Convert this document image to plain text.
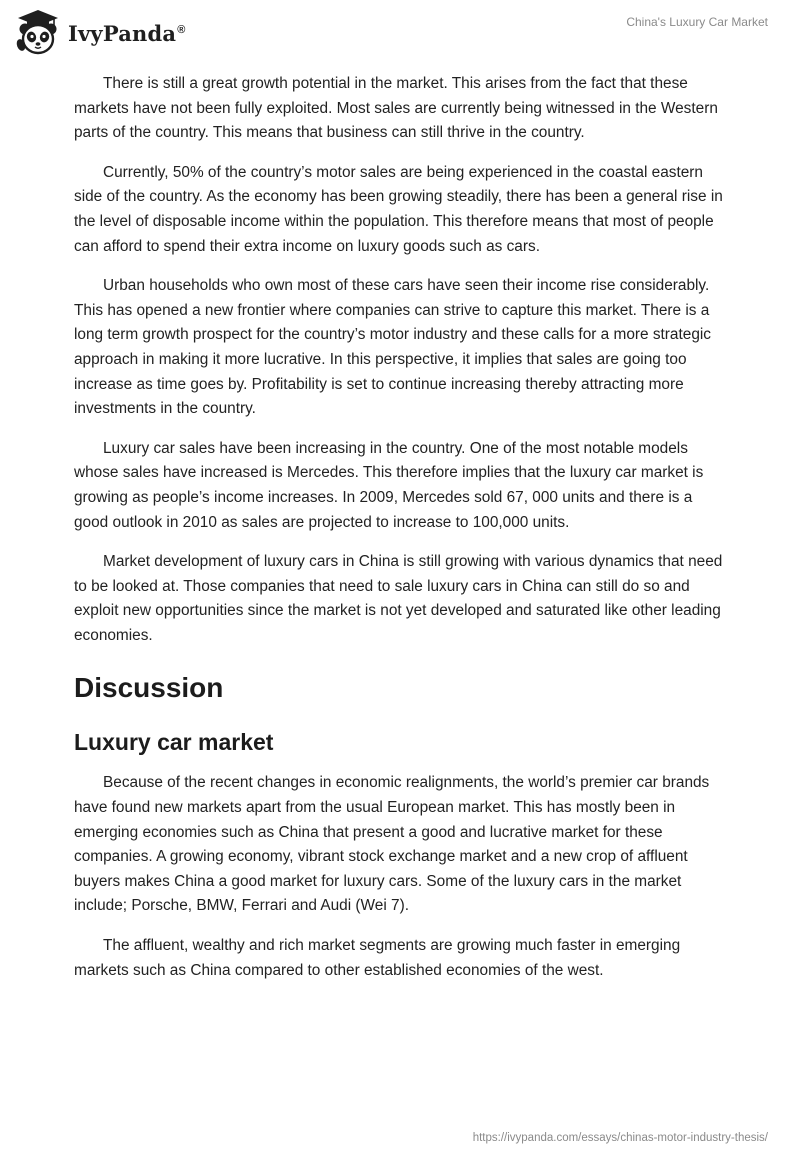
IvyPanda®
China's Luxury Car Market

There is still a great growth potential in the market. This arises from the fact that these markets have not been fully exploited. Most sales are currently being witnessed in the Western parts of the country. This means that business can still thrive in the country.

Currently, 50% of the country’s motor sales are being experienced in the coastal eastern side of the country. As the economy has been growing steadily, there has been a general rise in the level of disposable income within the population. This therefore means that most of people can afford to spend their extra income on luxury goods such as cars.

Urban households who own most of these cars have seen their income rise considerably. This has opened a new frontier where companies can strive to capture this market. There is a long term growth prospect for the country’s motor industry and these calls for a more strategic approach in making it more lucrative. In this perspective, it implies that sales are going too increase as time goes by. Profitability is set to continue increasing thereby attracting more investments in the country.

Luxury car sales have been increasing in the country. One of the most notable models whose sales have increased is Mercedes. This therefore implies that the luxury car market is growing as people’s income increases. In 2009, Mercedes sold 67, 000 units and there is a good outlook in 2010 as sales are projected to increase to 100,000 units.

Market development of luxury cars in China is still growing with various dynamics that need to be looked at. Those companies that need to sale luxury cars in China can still do so and exploit new opportunities since the market is not yet developed and saturated like other leading economies.

Discussion
Luxury car market

Because of the recent changes in economic realignments, the world’s premier car brands have found new markets apart from the usual European market. This has mostly been in emerging economies such as China that present a good and lucrative market for these companies. A growing economy, vibrant stock exchange market and a new crop of affluent buyers makes China a good market for luxury cars. Some of the luxury cars in the market include; Porsche, BMW, Ferrari and Audi (Wei 7).

The affluent, wealthy and rich market segments are growing much faster in emerging markets such as China compared to other established economies of the west.

https://ivypanda.com/essays/chinas-motor-industry-thesis/
